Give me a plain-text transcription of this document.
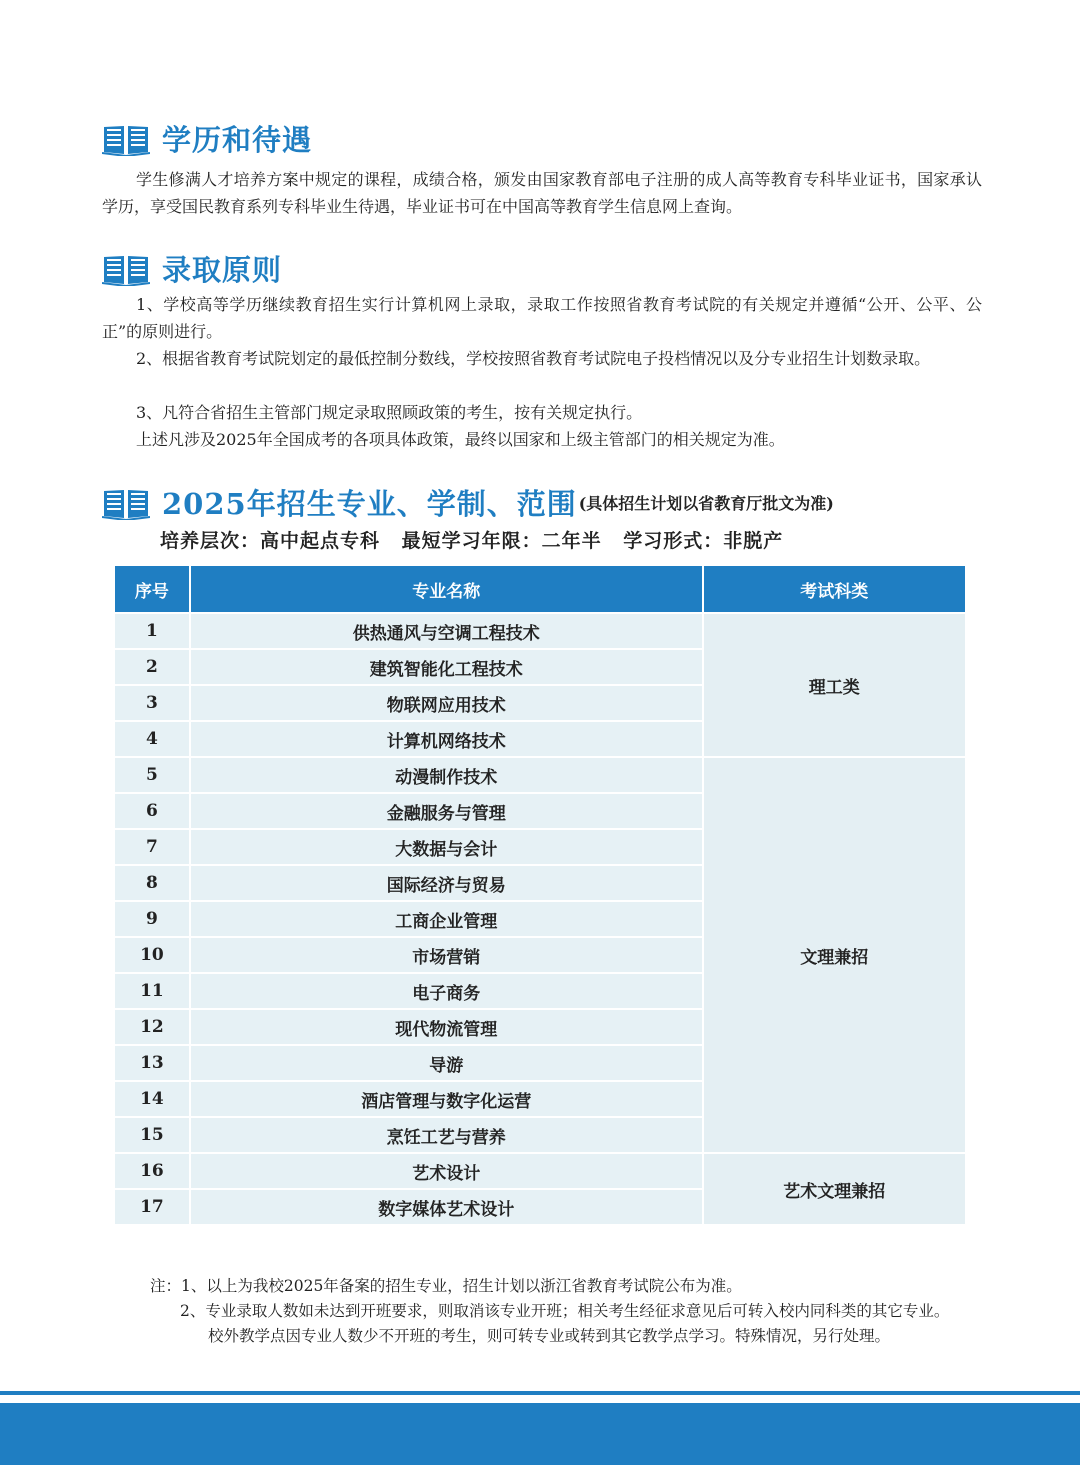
学历和待遇

学生修满人才培养方案中规定的课程，成绩合格，颁发由国家教育部电子注册的成人高等教育专科毕业证书，国家承认学历，享受国民教育系列专科毕业生待遇，毕业证书可在中国高等教育学生信息网上查询。

录取原则

1、学校高等学历继续教育招生实行计算机网上录取，录取工作按照省教育考试院的有关规定并遵循“公开、公平、公正”的原则进行。

2、根据省教育考试院划定的最低控制分数线，学校按照省教育考试院电子投档情况以及分专业招生计划数录取。

3、凡符合省招生主管部门规定录取照顾政策的考生，按有关规定执行。

上述凡涉及2025年全国成考的各项具体政策，最终以国家和上级主管部门的相关规定为准。

2025年招生专业、学制、范围 (具体招生计划以省教育厅批文为准)
培养层次：高中起点专科 最短学习年限：二年半 学习形式：非脱产
序号	专业名称	考试科类
1	供热通风与空调工程技术	理工类
2	建筑智能化工程技术	
3	物联网应用技术	
4	计算机网络技术	
5	动漫制作技术	文理兼招
6	金融服务与管理	
7	大数据与会计	
8	国际经济与贸易	
9	工商企业管理	
10	市场营销	
11	电子商务	
12	现代物流管理	
13	导游	
14	酒店管理与数字化运营	
15	烹饪工艺与营养	
16	艺术设计	艺术文理兼招
17	数字媒体艺术设计	

注：1、以上为我校2025年备案的招生专业，招生计划以浙江省教育考试院公布为准。

2、专业录取人数如未达到开班要求，则取消该专业开班；相关考生经征求意见后可转入校内同科类的其它专业。校外教学点因专业人数少不开班的考生，则可转专业或转到其它教学点学习。特殊情况，另行处理。
